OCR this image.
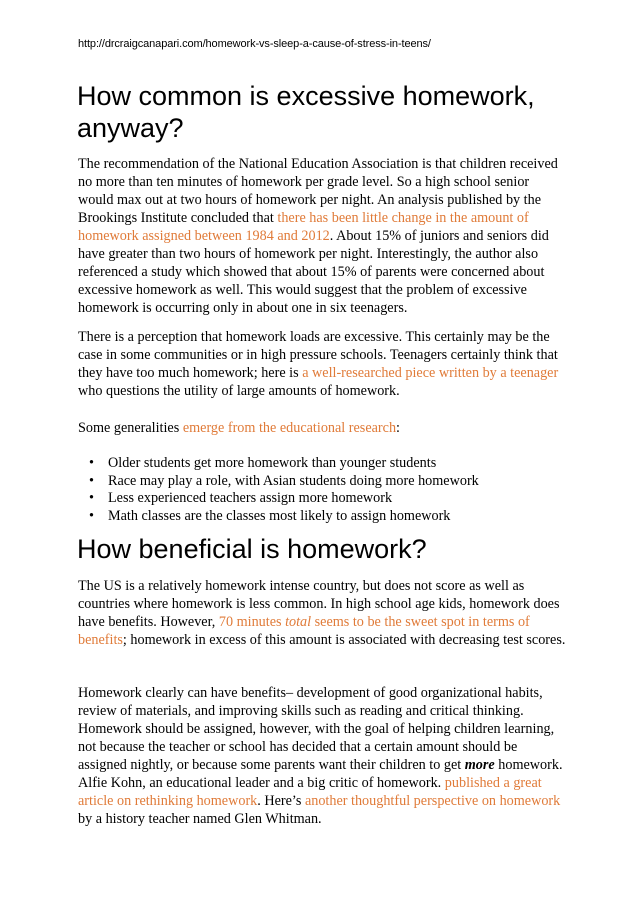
http://drcraigcanapari.com/homework-vs-sleep-a-cause-of-stress-in-teens/
How common is excessive homework, anyway?

The recommendation of the National Education Association is that children received no more than ten minutes of homework per grade level. So a high school senior would max out at two hours of homework per night. An analysis published by the Brookings Institute concluded that there has been little change in the amount of homework assigned between 1984 and 2012. About 15% of juniors and seniors did have greater than two hours of homework per night. Interestingly, the author also referenced a study which showed that about 15% of parents were concerned about excessive homework as well. This would suggest that the problem of excessive homework is occurring only in about one in six teenagers.

There is a perception that homework loads are excessive. This certainly may be the case in some communities or in high pressure schools. Teenagers certainly think that they have too much homework; here is a well-researched piece written by a teenager who questions the utility of large amounts of homework.

Some generalities emerge from the educational research:

• Older students get more homework than younger students
• Race may play a role, with Asian students doing more homework
• Less experienced teachers assign more homework
• Math classes are the classes most likely to assign homework
How beneficial is homework?

The US is a relatively homework intense country, but does not score as well as countries where homework is less common. In high school age kids, homework does have benefits. However, 70 minutes total seems to be the sweet spot in terms of benefits; homework in excess of this amount is associated with decreasing test scores.

Homework clearly can have benefits– development of good organizational habits, review of materials, and improving skills such as reading and critical thinking. Homework should be assigned, however, with the goal of helping children learning, not because the teacher or school has decided that a certain amount should be assigned nightly, or because some parents want their children to get more homework. Alfie Kohn, an educational leader and a big critic of homework. published a great article on rethinking homework. Here’s another thoughtful perspective on homework by a history teacher named Glen Whitman.
